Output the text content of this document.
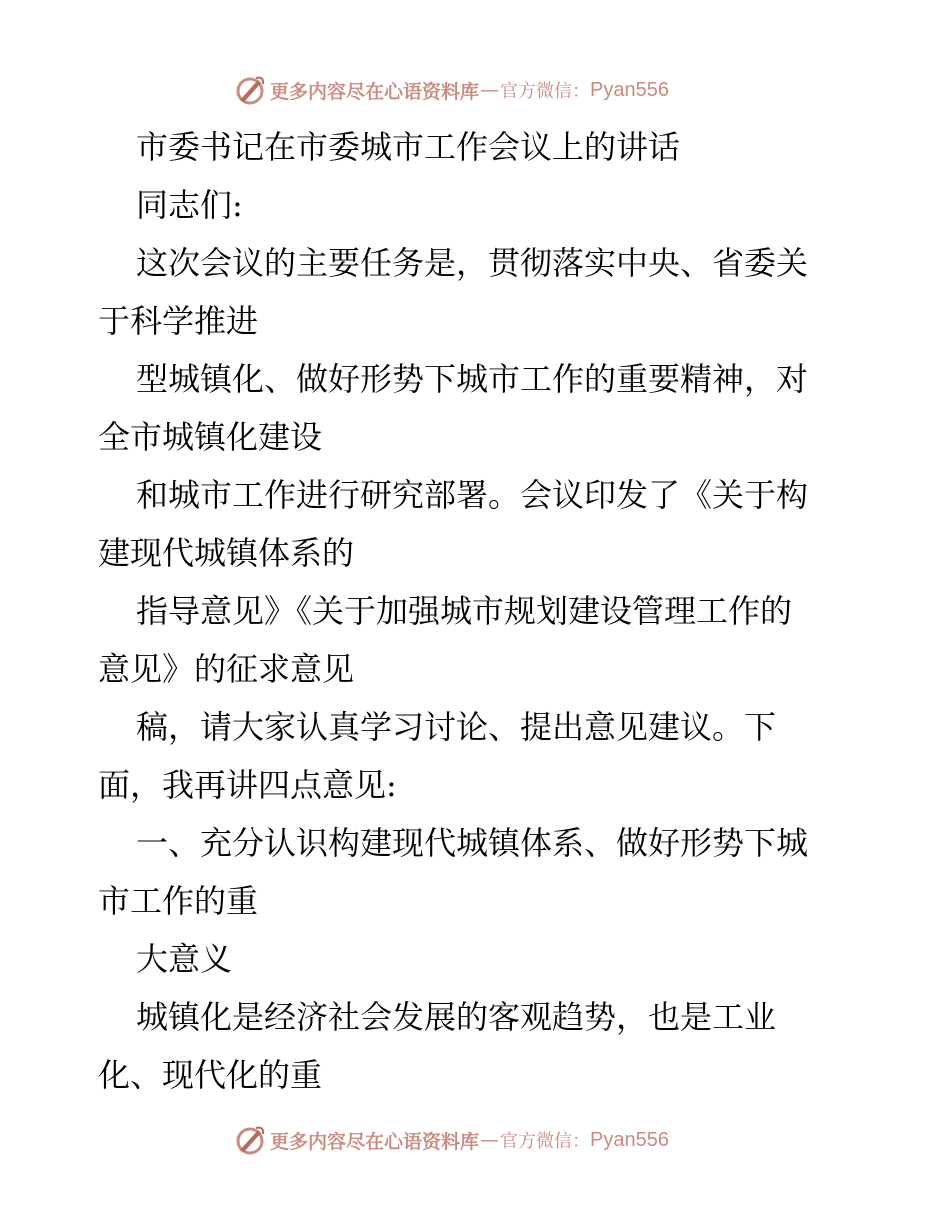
更多内容尽在心语资料库 — 官方微信： Pyan556
市委书记在市委城市工作会议上的讲话
同志们:
这次会议的主要任务是，贯彻落实中央、省委关
于科学推进
型城镇化、做好形势下城市工作的重要精神，对
全市城镇化建设
和城市工作进行研究部署。会议印发了《关于构
建现代城镇体系的
指导意见》《关于加强城市规划建设管理工作的
意见》的征求意见
稿，请大家认真学习讨论、提出意见建议。下
面，我再讲四点意见:
一、充分认识构建现代城镇体系、做好形势下城
市工作的重
大意义
城镇化是经济社会发展的客观趋势，也是工业
化、现代化的重
更多内容尽在心语资料库 — 官方微信： Pyan556
